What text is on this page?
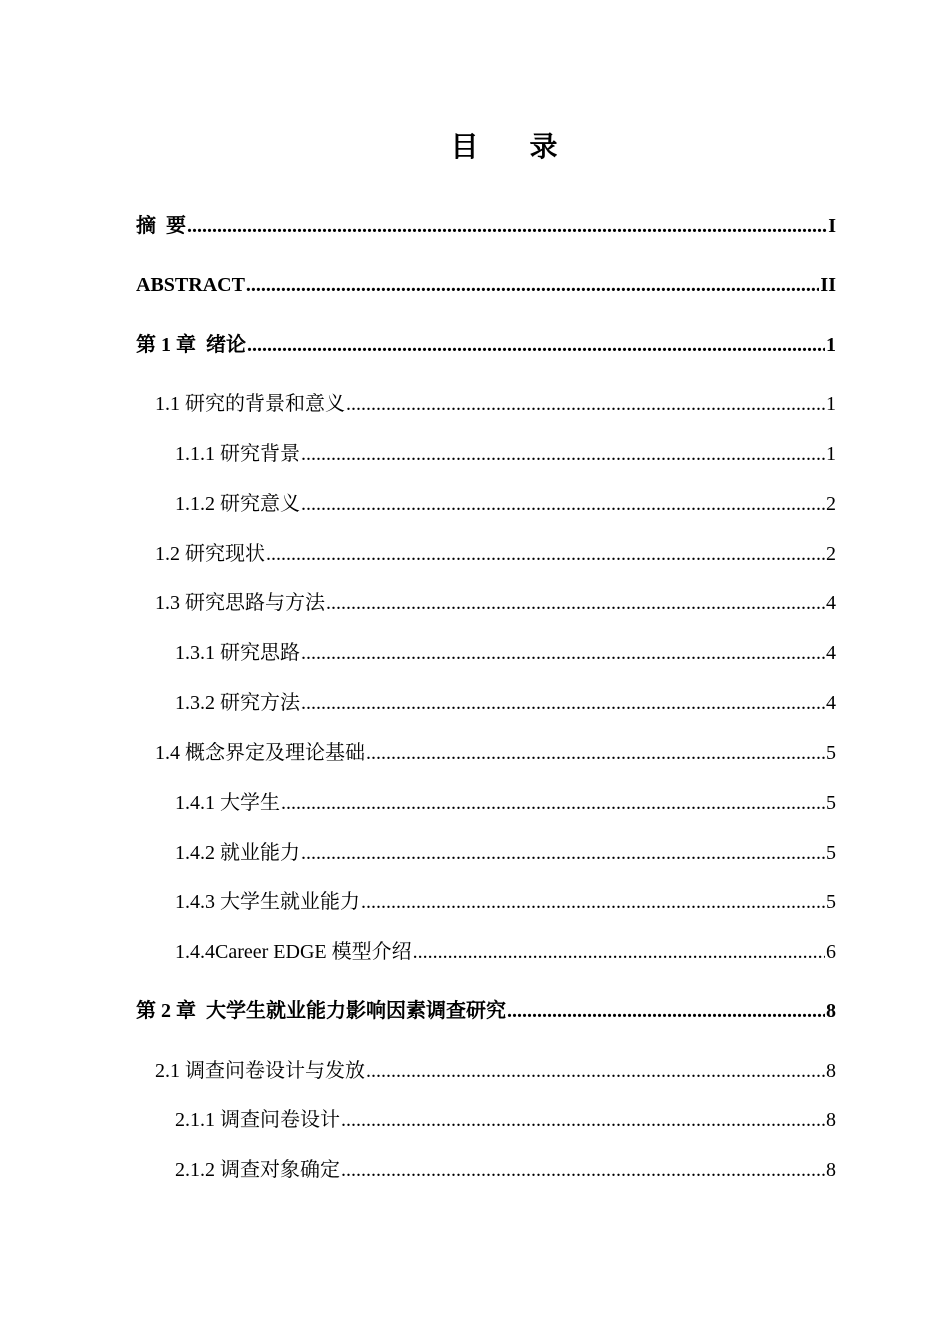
目 录
摘  要 .....	I
ABSTRACT .....	II
第 1 章  绪论 .....	1
1.1 研究的背景和意义 .....	1
1.1.1 研究背景 .....	1
1.1.2 研究意义 .....	2
1.2 研究现状 .....	2
1.3 研究思路与方法 .....	4
1.3.1 研究思路 .....	4
1.3.2 研究方法 .....	4
1.4 概念界定及理论基础 .....	5
1.4.1 大学生 .....	5
1.4.2 就业能力 .....	5
1.4.3 大学生就业能力 .....	5
1.4.4Career EDGE 模型介绍 .....	6
第 2 章  大学生就业能力影响因素调查研究 .....	8
2.1 调查问卷设计与发放 .....	8
2.1.1 调查问卷设计 .....	8
2.1.2 调查对象确定 .....	8
